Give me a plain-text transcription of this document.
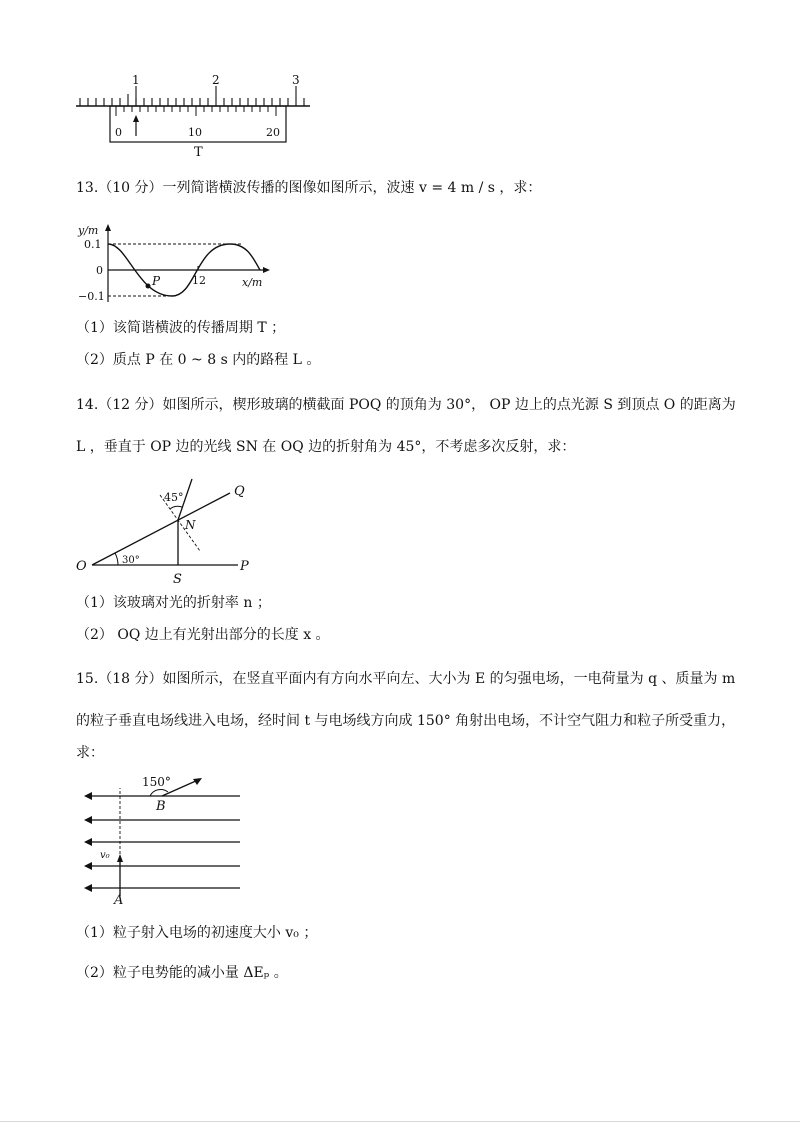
1	2	3
0	10	20
T
13.（10 分）一列简谐横波传播的图像如图所示，波速 v = 4 m / s ，求：
P
y/m
x/m
0.1
0
−0.1
12
（1）该简谐横波的传播周期 T ；
（2）质点 P 在 0 ~ 8 s 内的路程 L 。
14.（12 分）如图所示，楔形玻璃的横截面 POQ 的顶角为 30°， OP 边上的点光源 S 到顶点 O 的距离为
L ，垂直于 OP 边的光线 SN 在 OQ 边的折射角为 45°，不考虑多次反射，求：
O	P
Q
S
N
45°
30°
（1）该玻璃对光的折射率 n ；
（2） OQ 边上有光射出部分的长度 x 。
15.（18 分）如图所示，在竖直平面内有方向水平向左、大小为 E 的匀强电场，一电荷量为 q 、质量为 m
的粒子垂直电场线进入电场，经时间 t 与电场线方向成 150° 角射出电场，不计空气阻力和粒子所受重力，
求：
150°
B
A
v₀
（1）粒子射入电场的初速度大小 v₀ ；
（2）粒子电势能的减小量 ΔEₚ 。
